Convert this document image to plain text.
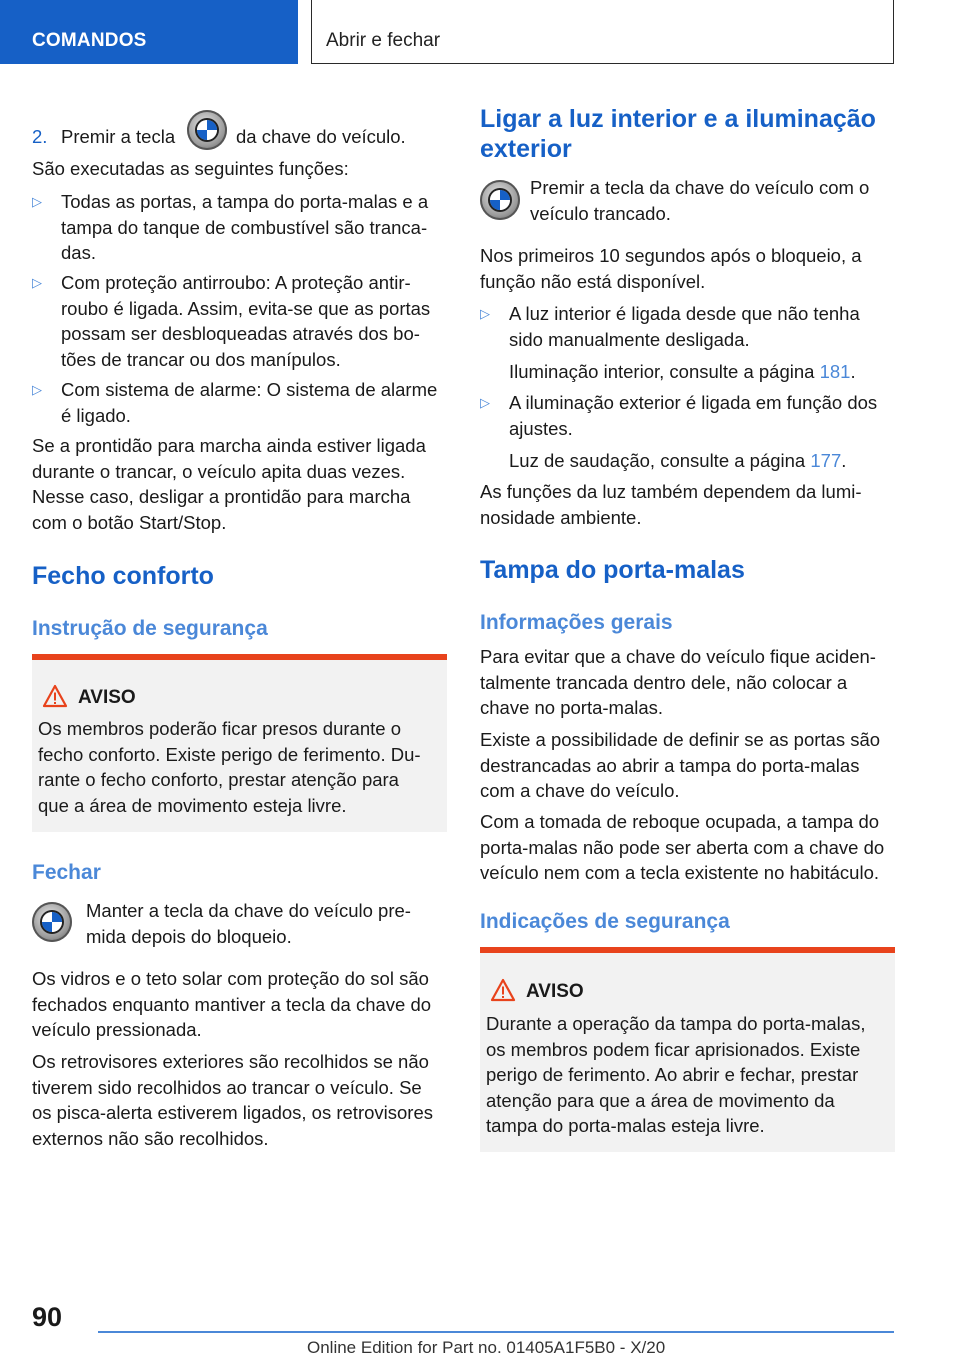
COMANDOS	Abrir e fechar
2. Premir a tecla	da chave do veículo.

São executadas as seguintes funções:

▷ Todas as portas, a tampa do porta-malas e a
tampa do tanque de combustível são tranca-
das.
▷ Com proteção antirroubo: A proteção antir-
roubo é ligada. Assim, evita-se que as portas
possam ser desbloqueadas através dos bo-
tões de trancar ou dos manípulos.
▷ Com sistema de alarme: O sistema de alarme
é ligado.
Se a prontidão para marcha ainda estiver ligada
durante o trancar, o veículo apita duas vezes.
Nesse caso, desligar a prontidão para marcha
com o botão Start/Stop.
Fecho conforto
Instrução de segurança
AVISO
Os membros poderão ficar presos durante o
fecho conforto. Existe perigo de ferimento. Du-
rante o fecho conforto, prestar atenção para
que a área de movimento esteja livre.
Fechar
Manter a tecla da chave do veículo pre-
mida depois do bloqueio.
Os vidros e o teto solar com proteção do sol são
fechados enquanto mantiver a tecla da chave do
veículo pressionada.
Os retrovisores exteriores são recolhidos se não
tiverem sido recolhidos ao trancar o veículo. Se
os pisca-alerta estiverem ligados, os retrovisores
externos não são recolhidos.
Ligar a luz interior e a iluminação
exterior
Premir a tecla da chave do veículo com o
veículo trancado.
Nos primeiros 10 segundos após o bloqueio, a
função não está disponível.
▷ A luz interior é ligada desde que não tenha
sido manualmente desligada.
Iluminação interior, consulte a página 181.
▷ A iluminação exterior é ligada em função dos
ajustes.
Luz de saudação, consulte a página 177.
As funções da luz também dependem da lumi-
nosidade ambiente.
Tampa do porta-malas
Informações gerais
Para evitar que a chave do veículo fique aciden-
talmente trancada dentro dele, não colocar a
chave no porta-malas.
Existe a possibilidade de definir se as portas são
destrancadas ao abrir a tampa do porta-malas
com a chave do veículo.
Com a tomada de reboque ocupada, a tampa do
porta-malas não pode ser aberta com a chave do
veículo nem com a tecla existente no habitáculo.
Indicações de segurança
AVISO
Durante a operação da tampa do porta-malas,
os membros podem ficar aprisionados. Existe
perigo de ferimento. Ao abrir e fechar, prestar
atenção para que a área de movimento da
tampa do porta-malas esteja livre.
90
Online Edition for Part no. 01405A1F5B0 - X/20
